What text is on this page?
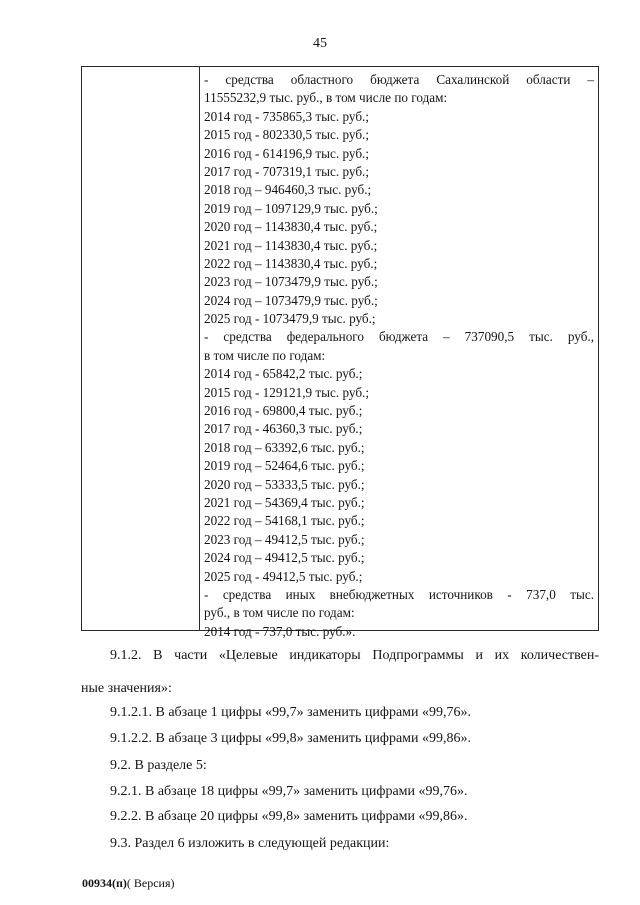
45
- средства областного бюджета Сахалинской области –
11555232,9 тыс. руб., в том числе по годам:
2014 год - 735865,3 тыс. руб.;
2015 год - 802330,5 тыс. руб.;
2016 год - 614196,9 тыс. руб.;
2017 год - 707319,1 тыс. руб.;
2018 год – 946460,3 тыс. руб.;
2019 год – 1097129,9 тыс. руб.;
2020 год – 1143830,4 тыс. руб.;
2021 год – 1143830,4 тыс. руб.;
2022 год – 1143830,4 тыс. руб.;
2023 год – 1073479,9 тыс. руб.;
2024 год – 1073479,9 тыс. руб.;
2025 год - 1073479,9 тыс. руб.;
- средства федерального бюджета – 737090,5 тыс. руб.,
в том числе по годам:
2014 год - 65842,2 тыс. руб.;
2015 год - 129121,9 тыс. руб.;
2016 год - 69800,4 тыс. руб.;
2017 год - 46360,3 тыс. руб.;
2018 год – 63392,6 тыс. руб.;
2019 год – 52464,6 тыс. руб.;
2020 год – 53333,5 тыс. руб.;
2021 год – 54369,4 тыс. руб.;
2022 год – 54168,1 тыс. руб.;
2023 год – 49412,5 тыс. руб.;
2024 год – 49412,5 тыс. руб.;
2025 год - 49412,5 тыс. руб.;
- средства иных внебюджетных источников - 737,0 тыс.
руб., в том числе по годам:
2014 год - 737,0 тыс. руб.».
9.1.2. В части «Целевые индикаторы Подпрограммы и их количествен-
ные значения»:
9.1.2.1. В абзаце 1 цифры «99,7» заменить цифрами «99,76».
9.1.2.2. В абзаце 3 цифры «99,8» заменить цифрами «99,86».
9.2. В разделе 5:
9.2.1. В абзаце 18 цифры «99,7» заменить цифрами «99,76».
9.2.2. В абзаце 20 цифры «99,8» заменить цифрами «99,86».
9.3. Раздел 6 изложить в следующей редакции:
00934(п)( Версия)
